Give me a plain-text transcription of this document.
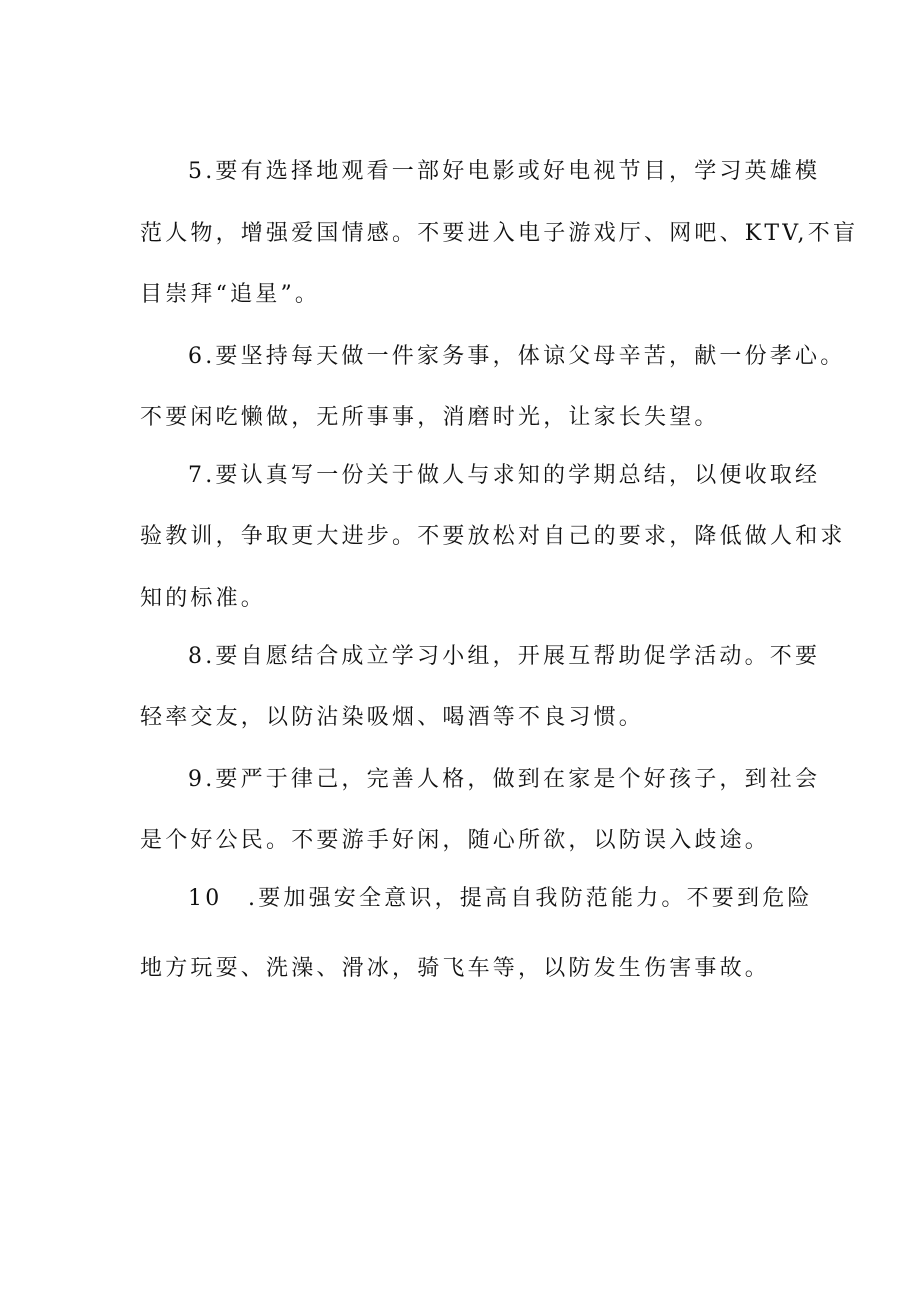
5.要有选择地观看一部好电影或好电视节目，学习英雄模
范人物，增强爱国情感。不要进入电子游戏厅、网吧、KTV,不盲
目崇拜“追星”。
6.要坚持每天做一件家务事，体谅父母辛苦，献一份孝心。
不要闲吃懒做，无所事事，消磨时光，让家长失望。
7.要认真写一份关于做人与求知的学期总结，以便收取经
验教训，争取更大进步。不要放松对自己的要求，降低做人和求
知的标准。
8.要自愿结合成立学习小组，开展互帮助促学活动。不要
轻率交友，以防沾染吸烟、喝酒等不良习惯。
9.要严于律己，完善人格，做到在家是个好孩子，到社会
是个好公民。不要游手好闲，随心所欲，以防误入歧途。
10 .要加强安全意识，提高自我防范能力。不要到危险
地方玩耍、洗澡、滑冰，骑飞车等，以防发生伤害事故。
